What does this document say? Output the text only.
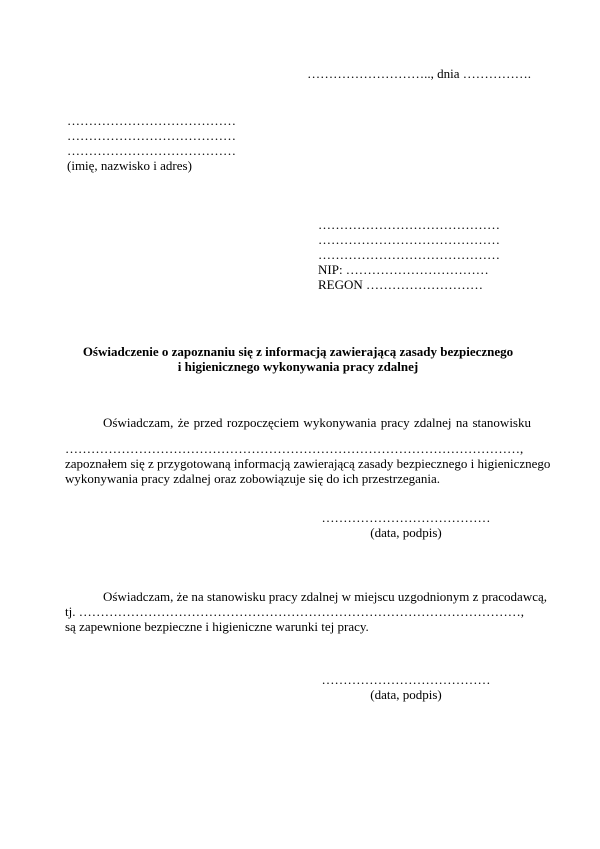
……………………….., dnia …………….
…………………………………
…………………………………
…………………………………
(imię, nazwisko i adres)
……………………………………
……………………………………
……………………………………
NIP: ……………………………
REGON ………………………
Oświadczenie o zapoznaniu się z informacją zawierającą zasady bezpiecznego
i higienicznego wykonywania pracy zdalnej
Oświadczam, że przed rozpoczęciem wykonywania pracy zdalnej na stanowisku
……………………………………………………………………………………………,
zapoznałem się z przygotowaną informacją zawierającą zasady bezpiecznego i higienicznego
wykonywania pracy zdalnej oraz zobowiązuje się do ich przestrzegania.
…………………………………
(data, podpis)
Oświadczam, że na stanowisku pracy zdalnej w miejscu uzgodnionym z pracodawcą,
tj. …………………………………………………………………………………………,
są zapewnione bezpieczne i higieniczne warunki tej pracy.
…………………………………
(data, podpis)
